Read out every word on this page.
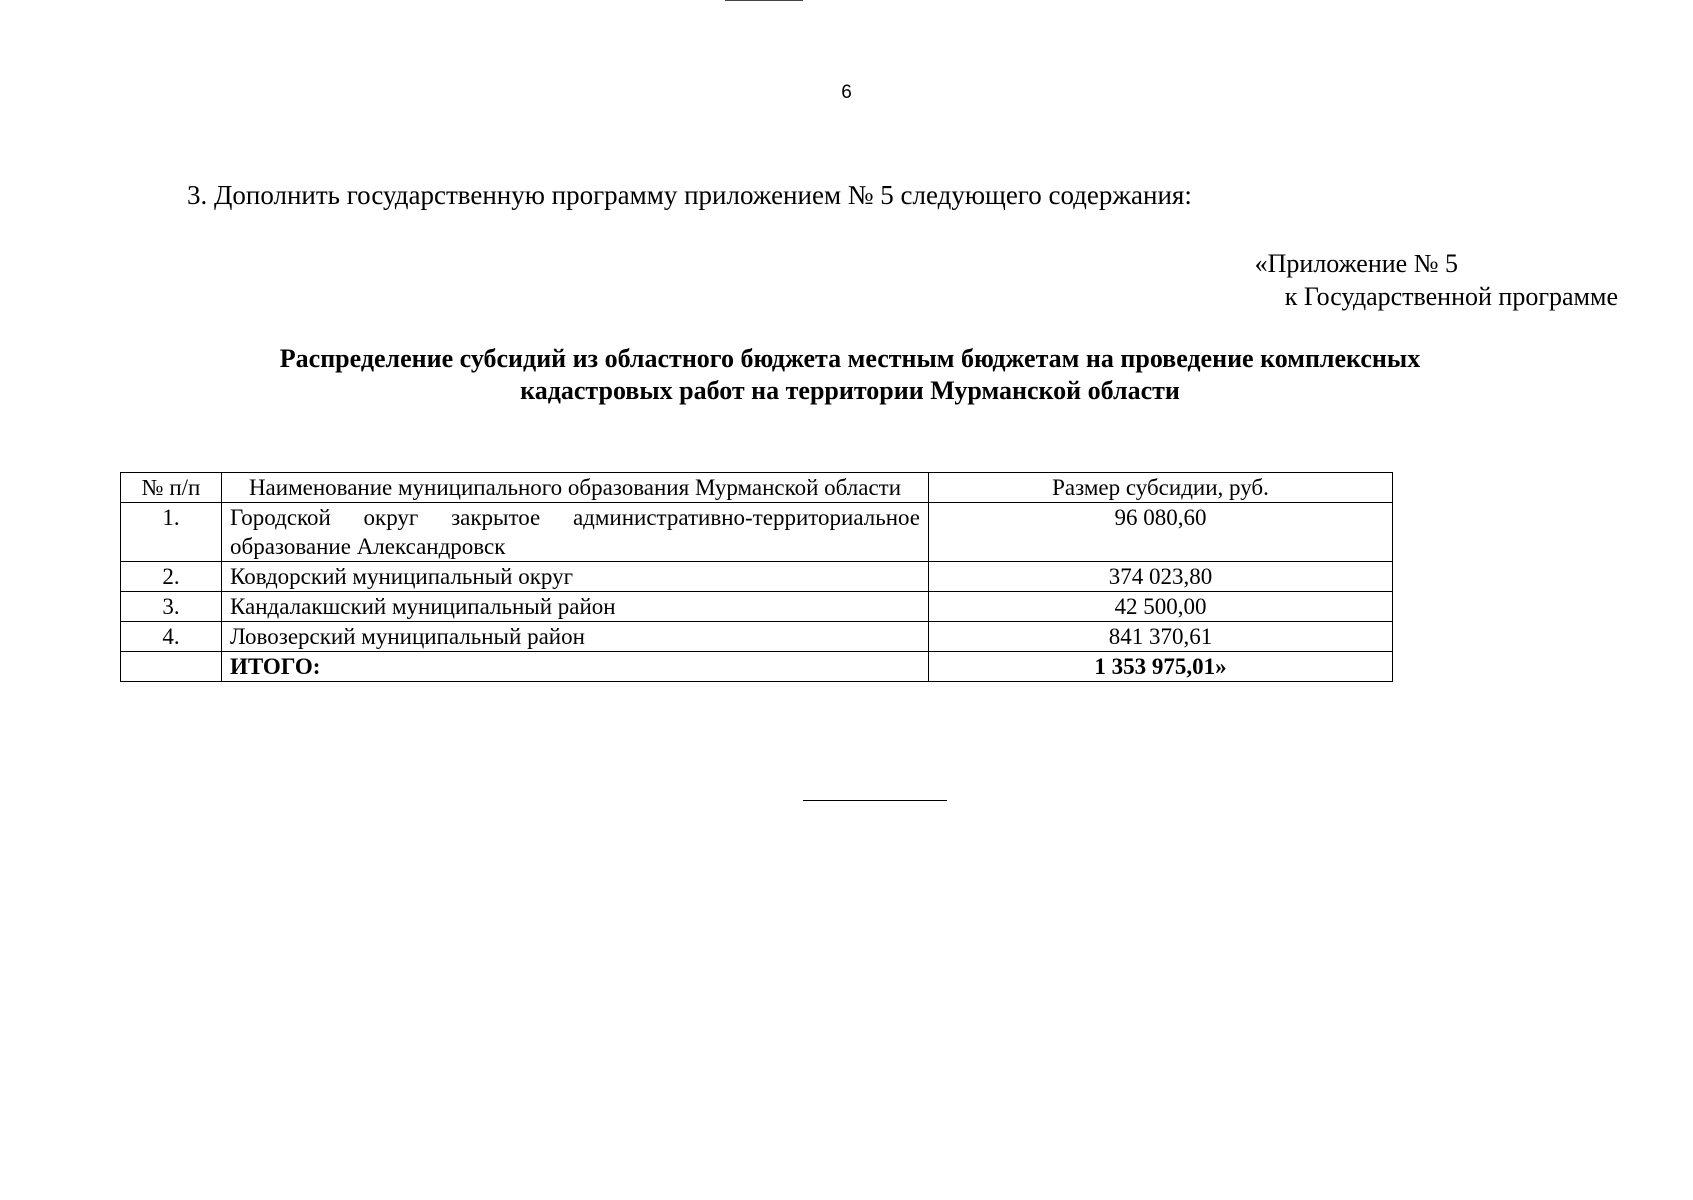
6
3. Дополнить государственную программу приложением № 5 следующего содержания:
«Приложение № 5
к Государственной программе
Распределение субсидий из областного бюджета местным бюджетам на проведение комплексных
кадастровых работ на территории Мурманской области
№ п/п	Наименование муниципального образования Мурманской области	Размер субсидии, руб.
1.	Городской округ закрытое административно-территориальное образование Александровск	96 080,60
2.	Ковдорский муниципальный округ	374 023,80
3.	Кандалакшский муниципальный район	42 500,00
4.	Ловозерский муниципальный район	841 370,61
	ИТОГО:	1 353 975,01»
